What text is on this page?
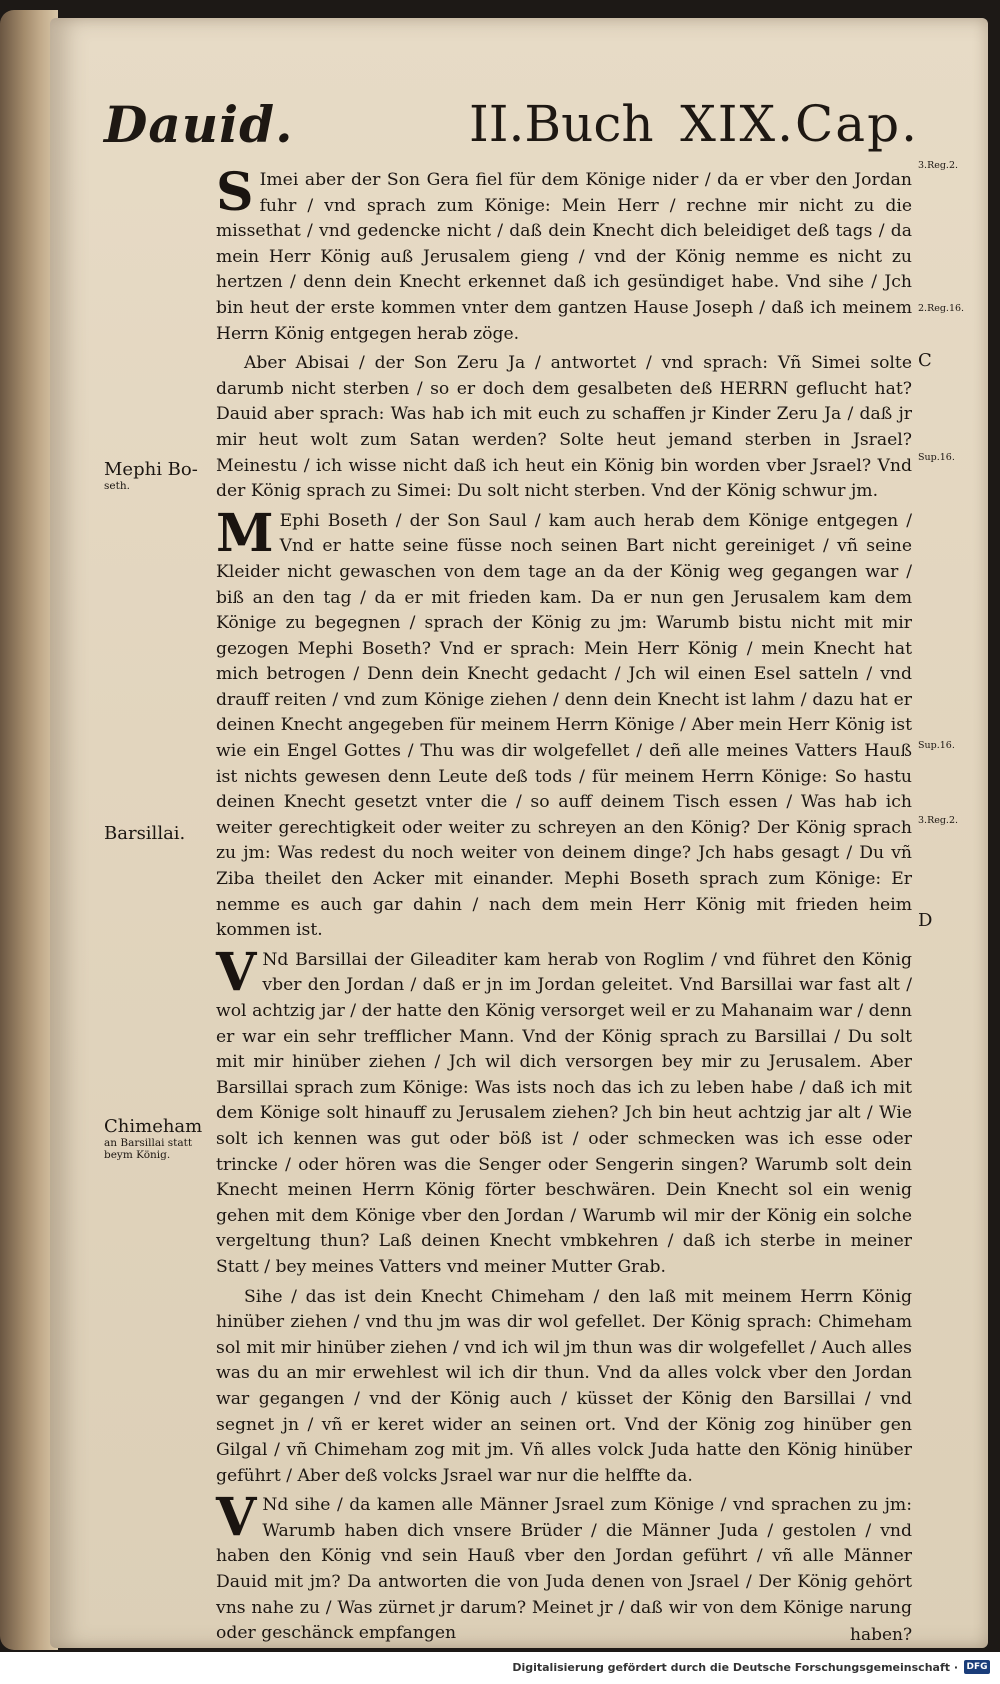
Dauid.	II.Buch XIX.Cap.

S Imei aber der Son Gera fiel für dem Könige nider / da er vber den Jordan fuhr / vnd sprach zum Könige: Mein Herr / rechne mir nicht zu die missethat / vnd gedencke nicht / daß dein Knecht dich beleidiget deß tags / da mein Herr König auß Jerusalem gieng / vnd der König nemme es nicht zu hertzen / denn dein Knecht erkennet daß ich gesündiget habe. Vnd sihe / Jch bin heut der erste kommen vnter dem gantzen Hause Joseph / daß ich meinem Herrn König entgegen herab zöge.

Aber Abisai / der Son Zeru Ja / antwortet / vnd sprach: Vñ Simei solte darumb nicht sterben / so er doch dem gesalbeten deß HERRN geflucht hat? Dauid aber sprach: Was hab ich mit euch zu schaffen jr Kinder Zeru Ja / daß jr mir heut wolt zum Satan werden? Solte heut jemand sterben in Jsrael? Meinestu / ich wisse nicht daß ich heut ein König bin worden vber Jsrael? Vnd der König sprach zu Simei: Du solt nicht sterben. Vnd der König schwur jm.

M Ephi Boseth / der Son Saul / kam auch herab dem Könige entgegen / Vnd er hatte seine füsse noch seinen Bart nicht gereiniget / vñ seine Kleider nicht gewaschen von dem tage an da der König weg gegangen war / biß an den tag / da er mit frieden kam. Da er nun gen Jerusalem kam dem Könige zu begegnen / sprach der König zu jm: Warumb bistu nicht mit mir gezogen Mephi Boseth? Vnd er sprach: Mein Herr König / mein Knecht hat mich betrogen / Denn dein Knecht gedacht / Jch wil einen Esel satteln / vnd drauff reiten / vnd zum Könige ziehen / denn dein Knecht ist lahm / dazu hat er deinen Knecht angegeben für meinem Herrn Könige / Aber mein Herr König ist wie ein Engel Gottes / Thu was dir wolgefellet / deñ alle meines Vatters Hauß ist nichts gewesen denn Leute deß tods / für meinem Herrn Könige: So hastu deinen Knecht gesetzt vnter die / so auff deinem Tisch essen / Was hab ich weiter gerechtigkeit oder weiter zu schreyen an den König? Der König sprach zu jm: Was redest du noch weiter von deinem dinge? Jch habs gesagt / Du vñ Ziba theilet den Acker mit einander. Mephi Boseth sprach zum Könige: Er nemme es auch gar dahin / nach dem mein Herr König mit frieden heim kommen ist.

V Nd Barsillai der Gileaditer kam herab von Roglim / vnd führet den König vber den Jordan / daß er jn im Jordan geleitet. Vnd Barsillai war fast alt / wol achtzig jar / der hatte den König versorget weil er zu Mahanaim war / denn er war ein sehr trefflicher Mann. Vnd der König sprach zu Barsillai / Du solt mit mir hinüber ziehen / Jch wil dich versorgen bey mir zu Jerusalem. Aber Barsillai sprach zum Könige: Was ists noch das ich zu leben habe / daß ich mit dem Könige solt hinauff zu Jerusalem ziehen? Jch bin heut achtzig jar alt / Wie solt ich kennen was gut oder böß ist / oder schmecken was ich esse oder trincke / oder hören was die Senger oder Sengerin singen? Warumb solt dein Knecht meinen Herrn König förter beschwären. Dein Knecht sol ein wenig gehen mit dem Könige vber den Jordan / Warumb wil mir der König ein solche vergeltung thun? Laß deinen Knecht vmbkehren / daß ich sterbe in meiner Statt / bey meines Vatters vnd meiner Mutter Grab.

Sihe / das ist dein Knecht Chimeham / den laß mit meinem Herrn König hinüber ziehen / vnd thu jm was dir wol gefellet. Der König sprach: Chimeham sol mit mir hinüber ziehen / vnd ich wil jm thun was dir wolgefellet / Auch alles was du an mir erwehlest wil ich dir thun. Vnd da alles volck vber den Jordan war gegangen / vnd der König auch / küsset der König den Barsillai / vnd segnet jn / vñ er keret wider an seinen ort. Vnd der König zog hinüber gen Gilgal / vñ Chimeham zog mit jm. Vñ alles volck Juda hatte den König hinüber geführt / Aber deß volcks Jsrael war nur die helffte da.

V Nd sihe / da kamen alle Männer Jsrael zum Könige / vnd sprachen zu jm: Warumb haben dich vnsere Brüder / die Männer Juda / gestolen / vnd haben den König vnd sein Hauß vber den Jordan geführt / vñ alle Männer Dauid mit jm? Da antworten die von Juda denen von Jsrael / Der König gehört vns nahe zu / Was zürnet jr darum? Meinet jr / daß wir von dem Könige narung oder geschänck empfangen	haben?
Mephi Bo-
seth.
Barsillai.
Chimeham
an Barsillai statt beym König.
3.Reg.2.
2.Reg.16.
Sup.16.
Sup.16.
3.Reg.2.
C
D
Digitalisierung gefördert durch die Deutsche Forschungsgemeinschaft · DFG
